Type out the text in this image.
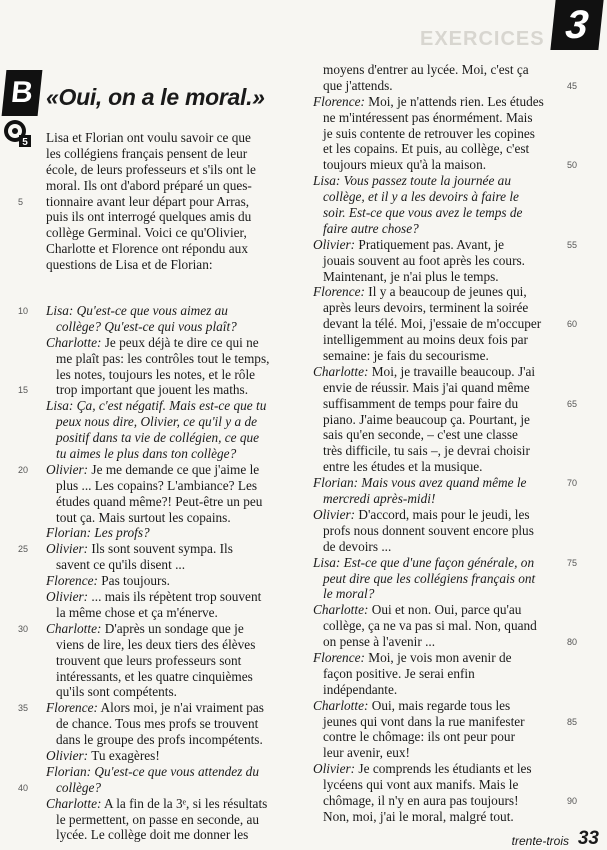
EXERCICES 3
B «Oui, on a le moral.»
5 Lisa et Florian ont voulu savoir ce que
les collégiens français pensent de leur
école, de leurs professeurs et s'ils ont le
moral. Ils ont d'abord préparé un ques-
tionnaire avant leur départ pour Arras,
5
puis ils ont interrogé quelques amis du
collège Germinal. Voici ce qu'Olivier,
Charlotte et Florence ont répondu aux
questions de Lisa et de Florian:
Lisa: Qu'est-ce que vous aimez au
10
collège? Qu'est-ce qui vous plaît?
Charlotte: Je peux déjà te dire ce qui ne
me plaît pas: les contrôles tout le temps,
les notes, toujours les notes, et le rôle
trop important que jouent les maths.
15
Lisa: Ça, c'est négatif. Mais est-ce que tu
peux nous dire, Olivier, ce qu'il y a de
positif dans ta vie de collégien, ce que
tu aimes le plus dans ton collège?
Olivier: Je me demande ce que j'aime le
20
plus ... Les copains? L'ambiance? Les
études quand même?! Peut-être un peu
tout ça. Mais surtout les copains.
Florian: Les profs?
Olivier: Ils sont souvent sympa. Ils
25
savent ce qu'ils disent ...
Florence: Pas toujours.
Olivier: ... mais ils répètent trop souvent
la même chose et ça m'énerve.
Charlotte: D'après un sondage que je
30
viens de lire, les deux tiers des élèves
trouvent que leurs professeurs sont
intéressants, et les quatre cinquièmes
qu'ils sont compétents.
Florence: Alors moi, je n'ai vraiment pas
35
de chance. Tous mes profs se trouvent
dans le groupe des profs incompétents.
Olivier: Tu exagères!
Florian: Qu'est-ce que vous attendez du
collège?
40
Charlotte: A la fin de la 3ᵉ, si les résultats
le permettent, on passe en seconde, au
lycée. Le collège doit me donner les
moyens d'entrer au lycée. Moi, c'est ça
que j'attends.	45
Florence: Moi, je n'attends rien. Les études
ne m'intéressent pas énormément. Mais
je suis contente de retrouver les copines
et les copains. Et puis, au collège, c'est
toujours mieux qu'à la maison.	50
Lisa: Vous passez toute la journée au
collège, et il y a les devoirs à faire le
soir. Est-ce que vous avez le temps de
faire autre chose?
Olivier: Pratiquement pas. Avant, je	55
jouais souvent au foot après les cours.
Maintenant, je n'ai plus le temps.
Florence: Il y a beaucoup de jeunes qui,
après leurs devoirs, terminent la soirée
devant la télé. Moi, j'essaie de m'occuper	60
intelligemment au moins deux fois par
semaine: je fais du secourisme.
Charlotte: Moi, je travaille beaucoup. J'ai
envie de réussir. Mais j'ai quand même
suffisamment de temps pour faire du	65
piano. J'aime beaucoup ça. Pourtant, je
sais qu'en seconde, – c'est une classe
très difficile, tu sais –, je devrai choisir
entre les études et la musique.
Florian: Mais vous avez quand même le	70
mercredi après-midi!
Olivier: D'accord, mais pour le jeudi, les
profs nous donnent souvent encore plus
de devoirs ...
Lisa: Est-ce que d'une façon générale, on	75
peut dire que les collégiens français ont
le moral?
Charlotte: Oui et non. Oui, parce qu'au
collège, ça ne va pas si mal. Non, quand
on pense à l'avenir ...	80
Florence: Moi, je vois mon avenir de
façon positive. Je serai enfin
indépendante.
Charlotte: Oui, mais regarde tous les
jeunes qui vont dans la rue manifester	85
contre le chômage: ils ont peur pour
leur avenir, eux!
Olivier: Je comprends les étudiants et les
lycéens qui vont aux manifs. Mais le
chômage, il n'y en aura pas toujours!	90
Non, moi, j'ai le moral, malgré tout.
trente-trois 33
